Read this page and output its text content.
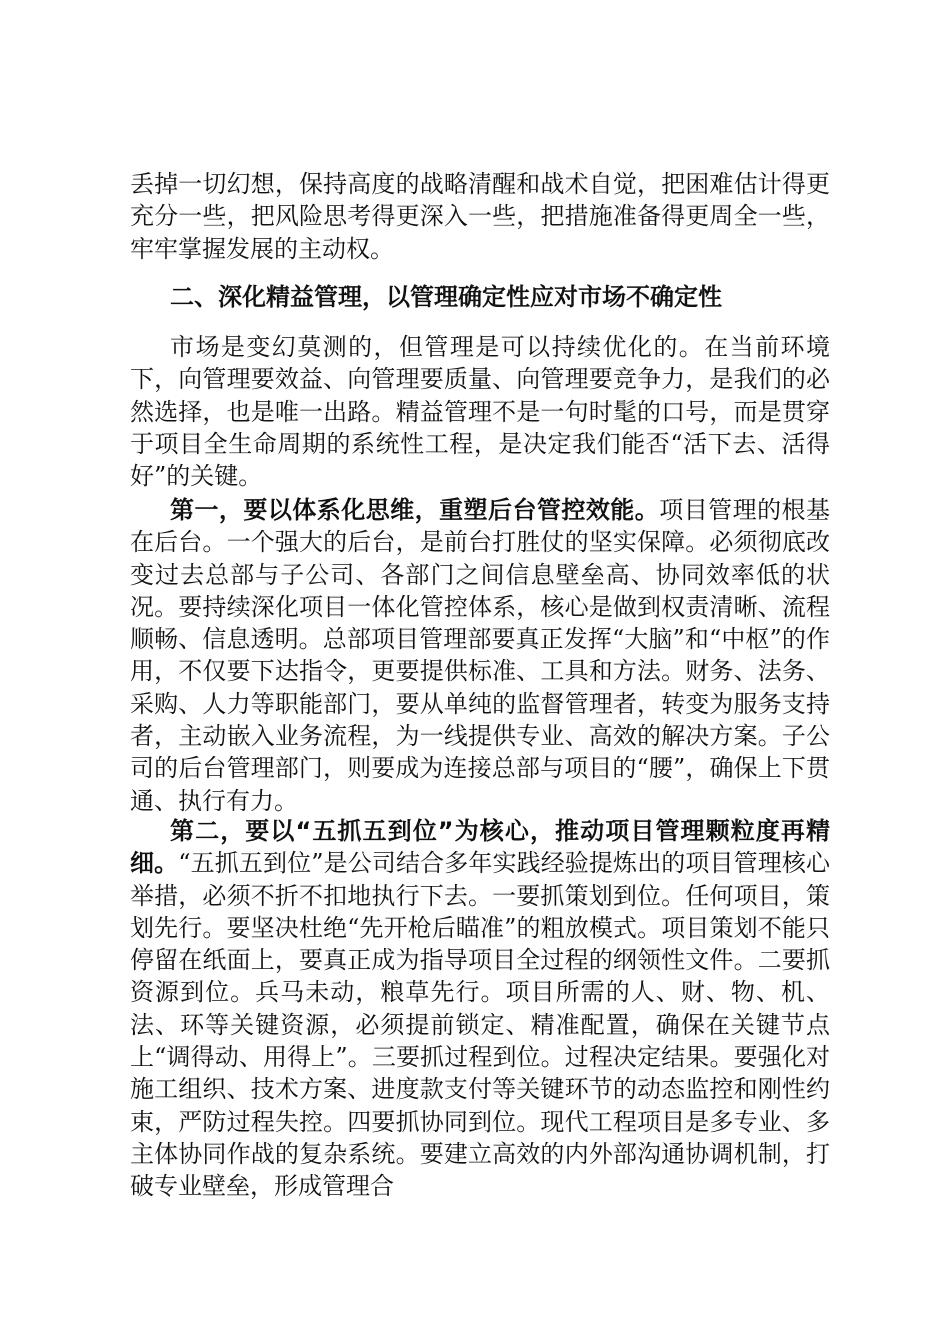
丢掉一切幻想，保持高度的战略清醒和战术自觉，把困难估计得更充分一些，把风险思考得更深入一些，把措施准备得更周全一些，牢牢掌握发展的主动权。

二、深化精益管理，以管理确定性应对市场不确定性

市场是变幻莫测的，但管理是可以持续优化的。在当前环境下，向管理要效益、向管理要质量、向管理要竞争力，是我们的必然选择，也是唯一出路。精益管理不是一句时髦的口号，而是贯穿于项目全生命周期的系统性工程，是决定我们能否“活下去、活得好”的关键。

第一，要以体系化思维，重塑后台管控效能。项目管理的根基在后台。一个强大的后台，是前台打胜仗的坚实保障。必须彻底改变过去总部与子公司、各部门之间信息壁垒高、协同效率低的状况。要持续深化项目一体化管控体系，核心是做到权责清晰、流程顺畅、信息透明。总部项目管理部要真正发挥“大脑”和“中枢”的作用，不仅要下达指令，更要提供标准、工具和方法。财务、法务、采购、人力等职能部门，要从单纯的监督管理者，转变为服务支持者，主动嵌入业务流程，为一线提供专业、高效的解决方案。子公司的后台管理部门，则要成为连接总部与项目的“腰”，确保上下贯通、执行有力。

第二，要以“五抓五到位”为核心，推动项目管理颗粒度再精细。“五抓五到位”是公司结合多年实践经验提炼出的项目管理核心举措，必须不折不扣地执行下去。一要抓策划到位。任何项目，策划先行。要坚决杜绝“先开枪后瞄准”的粗放模式。项目策划不能只停留在纸面上，要真正成为指导项目全过程的纲领性文件。二要抓资源到位。兵马未动，粮草先行。项目所需的人、财、物、机、法、环等关键资源，必须提前锁定、精准配置，确保在关键节点上“调得动、用得上”。三要抓过程到位。过程决定结果。要强化对施工组织、技术方案、进度款支付等关键环节的动态监控和刚性约束，严防过程失控。四要抓协同到位。现代工程项目是多专业、多主体协同作战的复杂系统。要建立高效的内外部沟通协调机制，打破专业壁垒，形成管理合
